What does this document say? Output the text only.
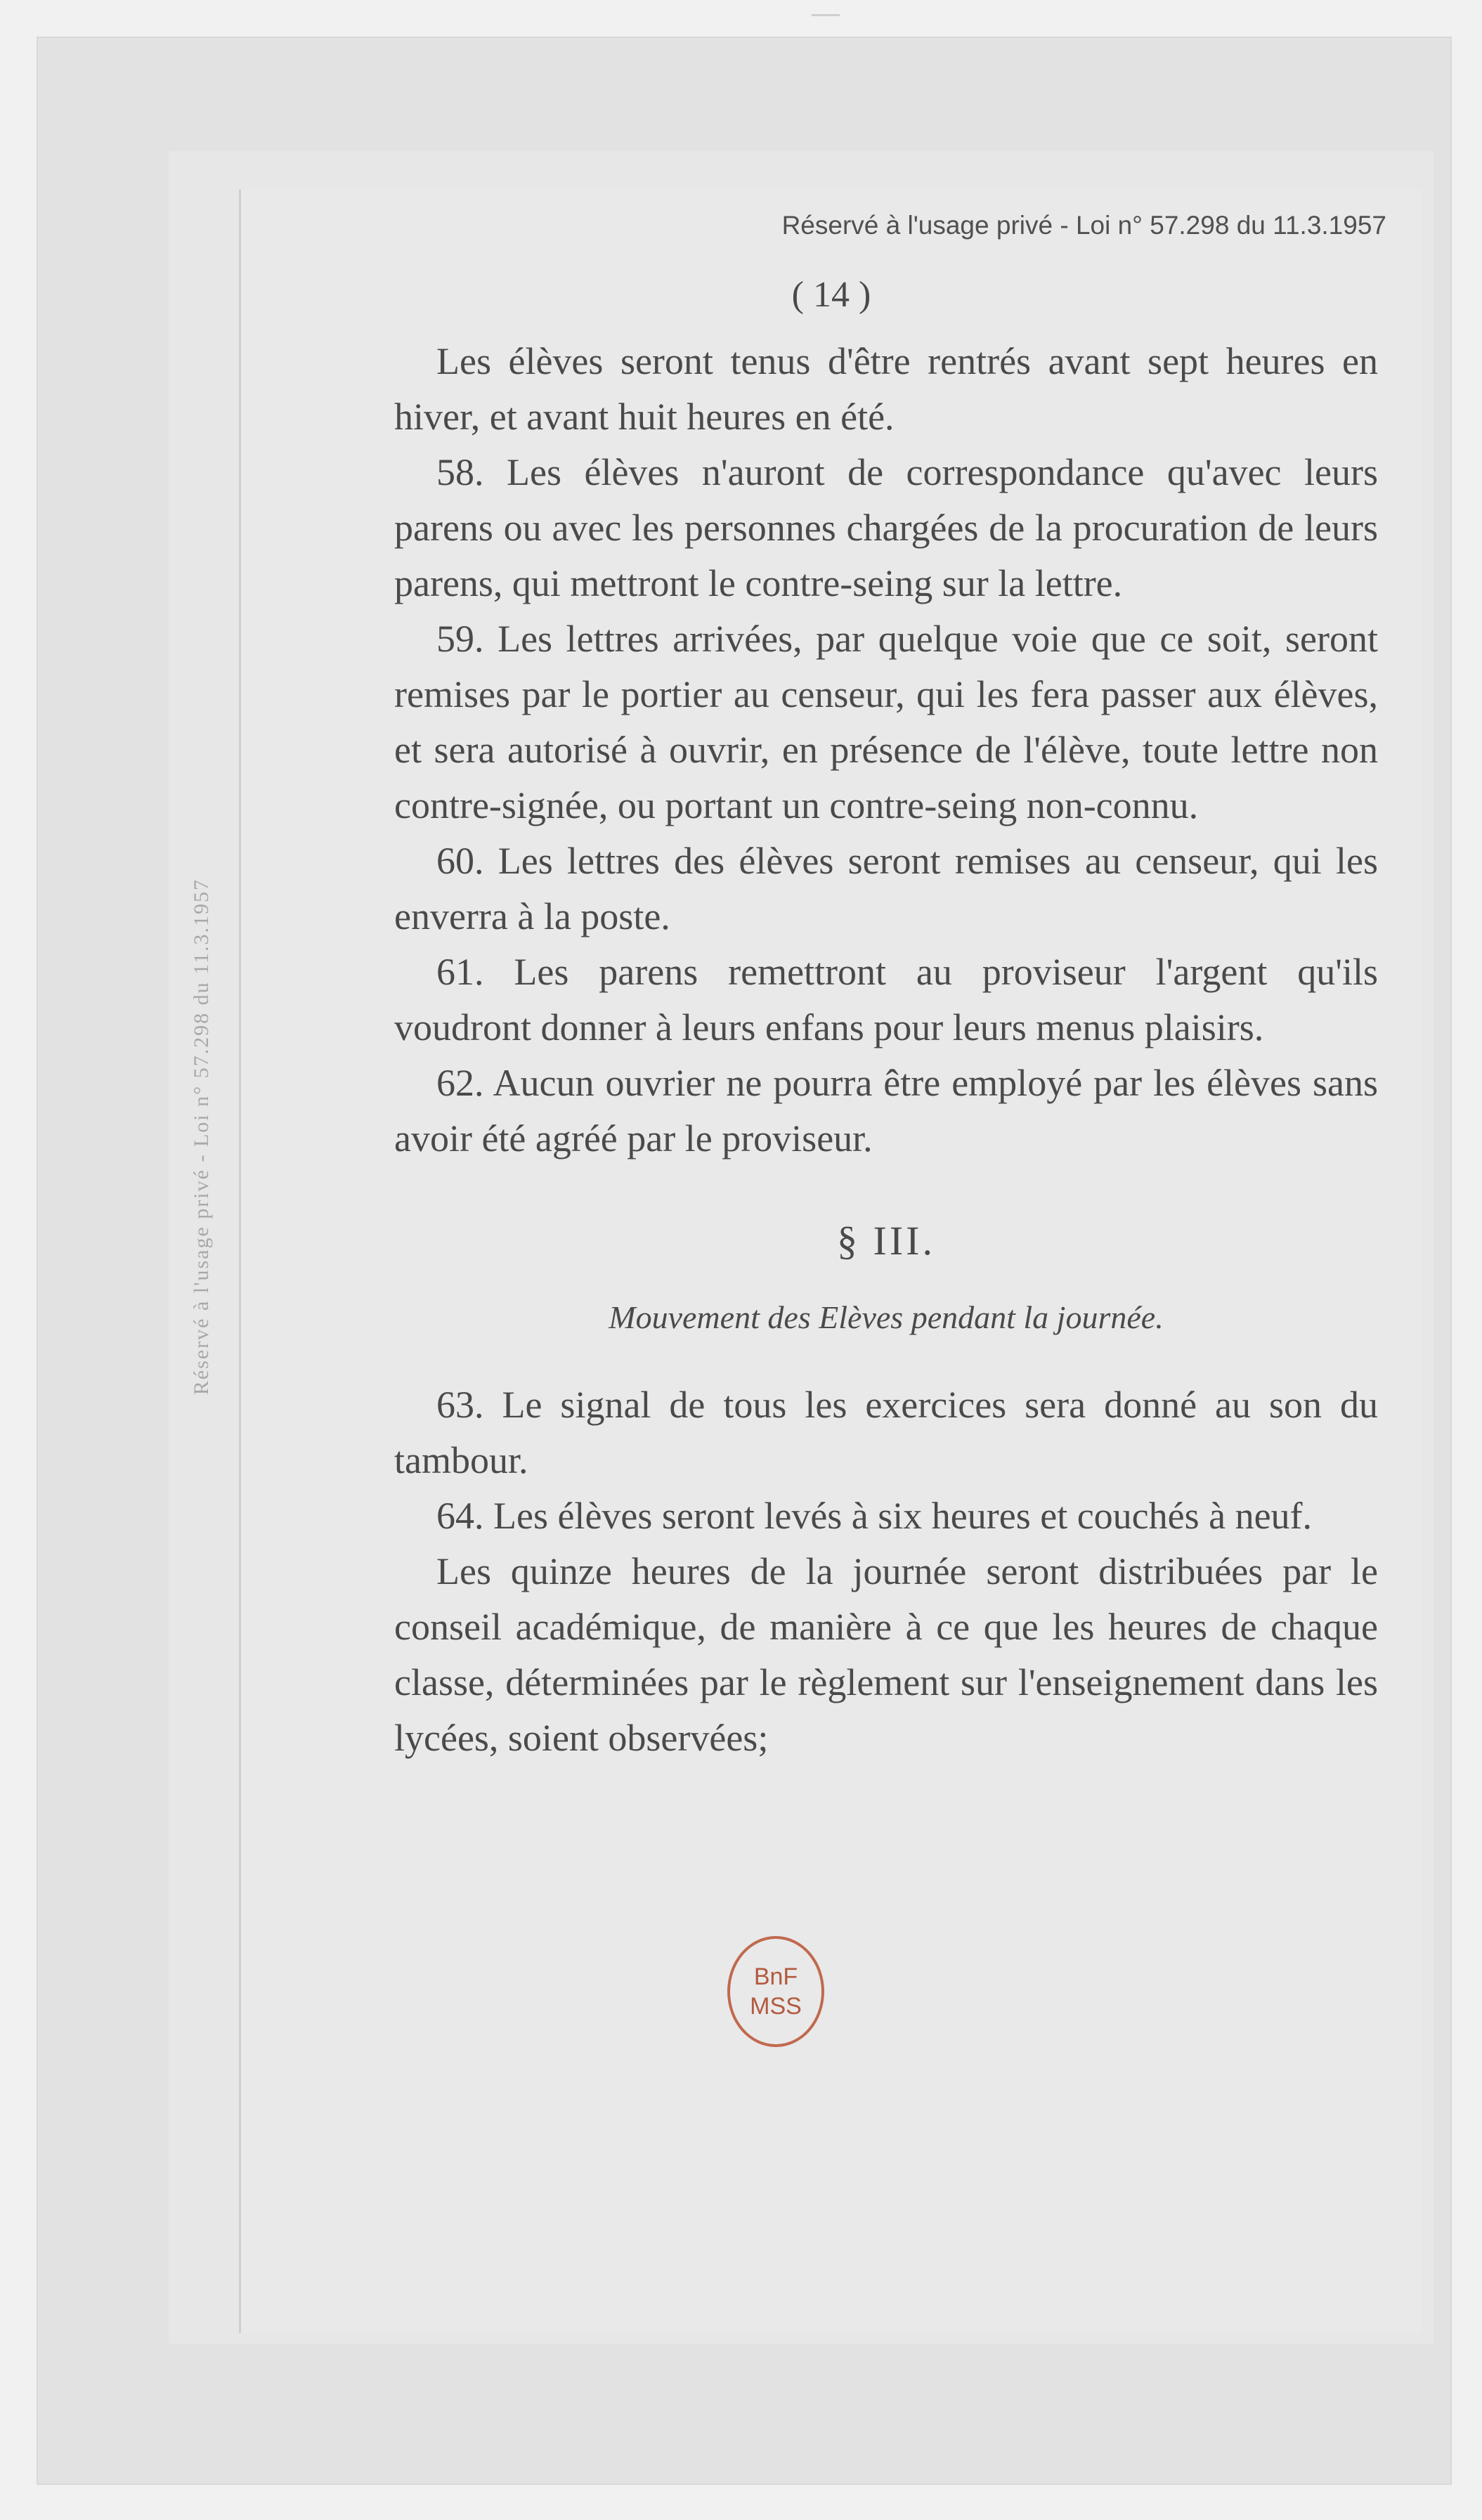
Réservé à l'usage privé - Loi n° 57.298 du 11.3.1957
( 14 )

Les élèves seront tenus d'être rentrés avant sept heures en hiver, et avant huit heures en été.

58. Les élèves n'auront de correspondance qu'avec leurs parens ou avec les personnes chargées de la procuration de leurs parens, qui mettront le contre-seing sur la lettre.

59. Les lettres arrivées, par quelque voie que ce soit, seront remises par le portier au censeur, qui les fera passer aux élèves, et sera autorisé à ouvrir, en présence de l'élève, toute lettre non contre-signée, ou portant un contre-seing non-connu.

60. Les lettres des élèves seront remises au censeur, qui les enverra à la poste.

61. Les parens remettront au proviseur l'argent qu'ils voudront donner à leurs enfans pour leurs menus plaisirs.

62. Aucun ouvrier ne pourra être employé par les élèves sans avoir été agréé par le proviseur.

§ III.
Mouvement des Elèves pendant la journée.

63. Le signal de tous les exercices sera donné au son du tambour.

64. Les élèves seront levés à six heures et couchés à neuf.

Les quinze heures de la journée seront distribuées par le conseil académique, de manière à ce que les heures de chaque classe, déterminées par le règlement sur l'enseignement dans les lycées, soient observées;

Réservé à l'usage privé - Loi n° 57.298 du 11.3.1957
BnF
MSS
